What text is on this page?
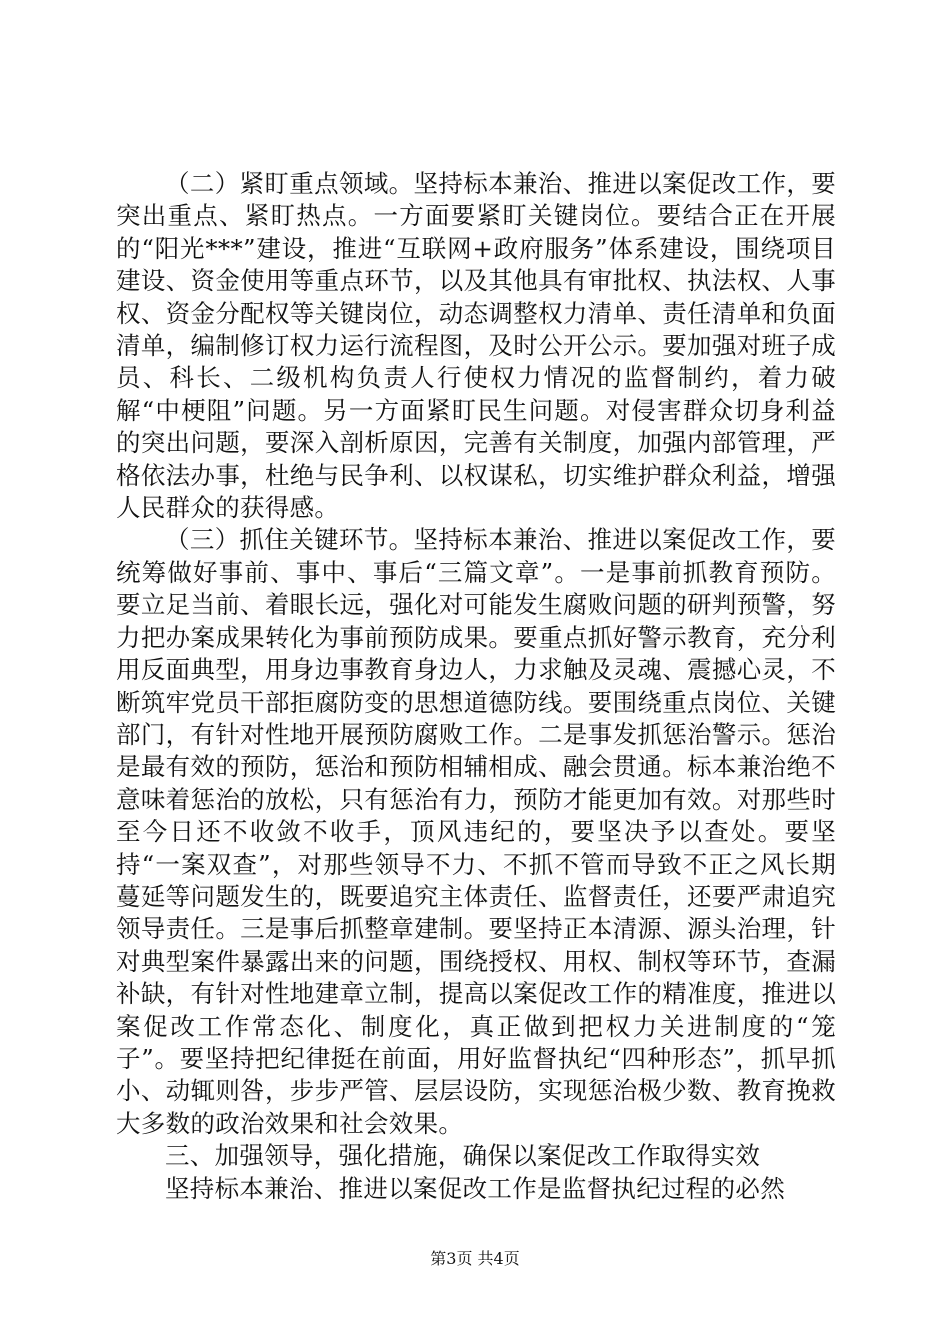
（二）紧盯重点领域。坚持标本兼治、推进以案促改工作，要突出重点、紧盯热点。一方面要紧盯关键岗位。要结合正在开展的“阳光***”建设，推进“互联网+政府服务”体系建设，围绕项目建设、资金使用等重点环节，以及其他具有审批权、执法权、人事权、资金分配权等关键岗位，动态调整权力清单、责任清单和负面清单，编制修订权力运行流程图，及时公开公示。要加强对班子成员、科长、二级机构负责人行使权力情况的监督制约，着力破解“中梗阻”问题。另一方面紧盯民生问题。对侵害群众切身利益的突出问题，要深入剖析原因，完善有关制度，加强内部管理，严格依法办事，杜绝与民争利、以权谋私，切实维护群众利益，增强人民群众的获得感。

（三）抓住关键环节。坚持标本兼治、推进以案促改工作，要统筹做好事前、事中、事后“三篇文章”。一是事前抓教育预防。要立足当前、着眼长远，强化对可能发生腐败问题的研判预警，努力把办案成果转化为事前预防成果。要重点抓好警示教育，充分利用反面典型，用身边事教育身边人，力求触及灵魂、震撼心灵，不断筑牢党员干部拒腐防变的思想道德防线。要围绕重点岗位、关键部门，有针对性地开展预防腐败工作。二是事发抓惩治警示。惩治是最有效的预防，惩治和预防相辅相成、融会贯通。标本兼治绝不意味着惩治的放松，只有惩治有力，预防才能更加有效。对那些时至今日还不收敛不收手，顶风违纪的，要坚决予以查处。要坚持“一案双查”，对那些领导不力、不抓不管而导致不正之风长期蔓延等问题发生的，既要追究主体责任、监督责任，还要严肃追究领导责任。三是事后抓整章建制。要坚持正本清源、源头治理，针对典型案件暴露出来的问题，围绕授权、用权、制权等环节，查漏补缺，有针对性地建章立制，提高以案促改工作的精准度，推进以案促改工作常态化、制度化，真正做到把权力关进制度的“笼子”。要坚持把纪律挺在前面，用好监督执纪“四种形态”，抓早抓小、动辄则咎，步步严管、层层设防，实现惩治极少数、教育挽救大多数的政治效果和社会效果。

三、加强领导，强化措施，确保以案促改工作取得实效

坚持标本兼治、推进以案促改工作是监督执纪过程的必然

第3页 共4页
